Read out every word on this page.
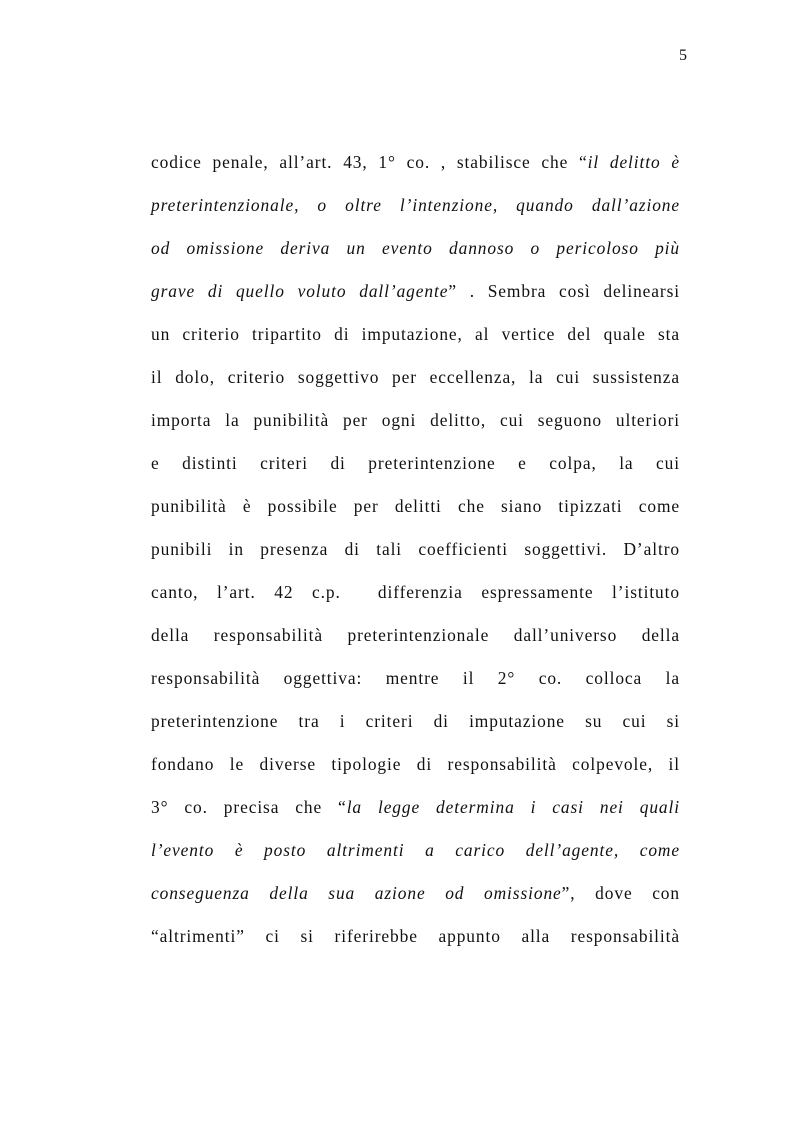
5
codice penale, all’art. 43, 1° co. , stabilisce che “il delitto è
preterintenzionale, o oltre l’intenzione, quando dall’azione
od omissione deriva un evento dannoso o pericoloso più
grave di quello voluto dall’agente” . Sembra così delinearsi
un criterio tripartito di imputazione, al vertice del quale sta
il dolo, criterio soggettivo per eccellenza, la cui sussistenza
importa la punibilità per ogni delitto, cui seguono ulteriori
e distinti criteri di preterintenzione e colpa, la cui
punibilità è possibile per delitti che siano tipizzati come
punibili in presenza di tali coefficienti soggettivi. D’altro
canto, l’art. 42 c.p.  differenzia espressamente l’istituto
della responsabilità preterintenzionale dall’universo della
responsabilità oggettiva: mentre il 2° co. colloca la
preterintenzione tra i criteri di imputazione su cui si
fondano le diverse tipologie di responsabilità colpevole, il
3° co. precisa che “la legge determina i casi nei quali
l’evento è posto altrimenti a carico dell’agente, come
conseguenza della sua azione od omissione”, dove con
“altrimenti” ci si riferirebbe appunto alla responsabilità
